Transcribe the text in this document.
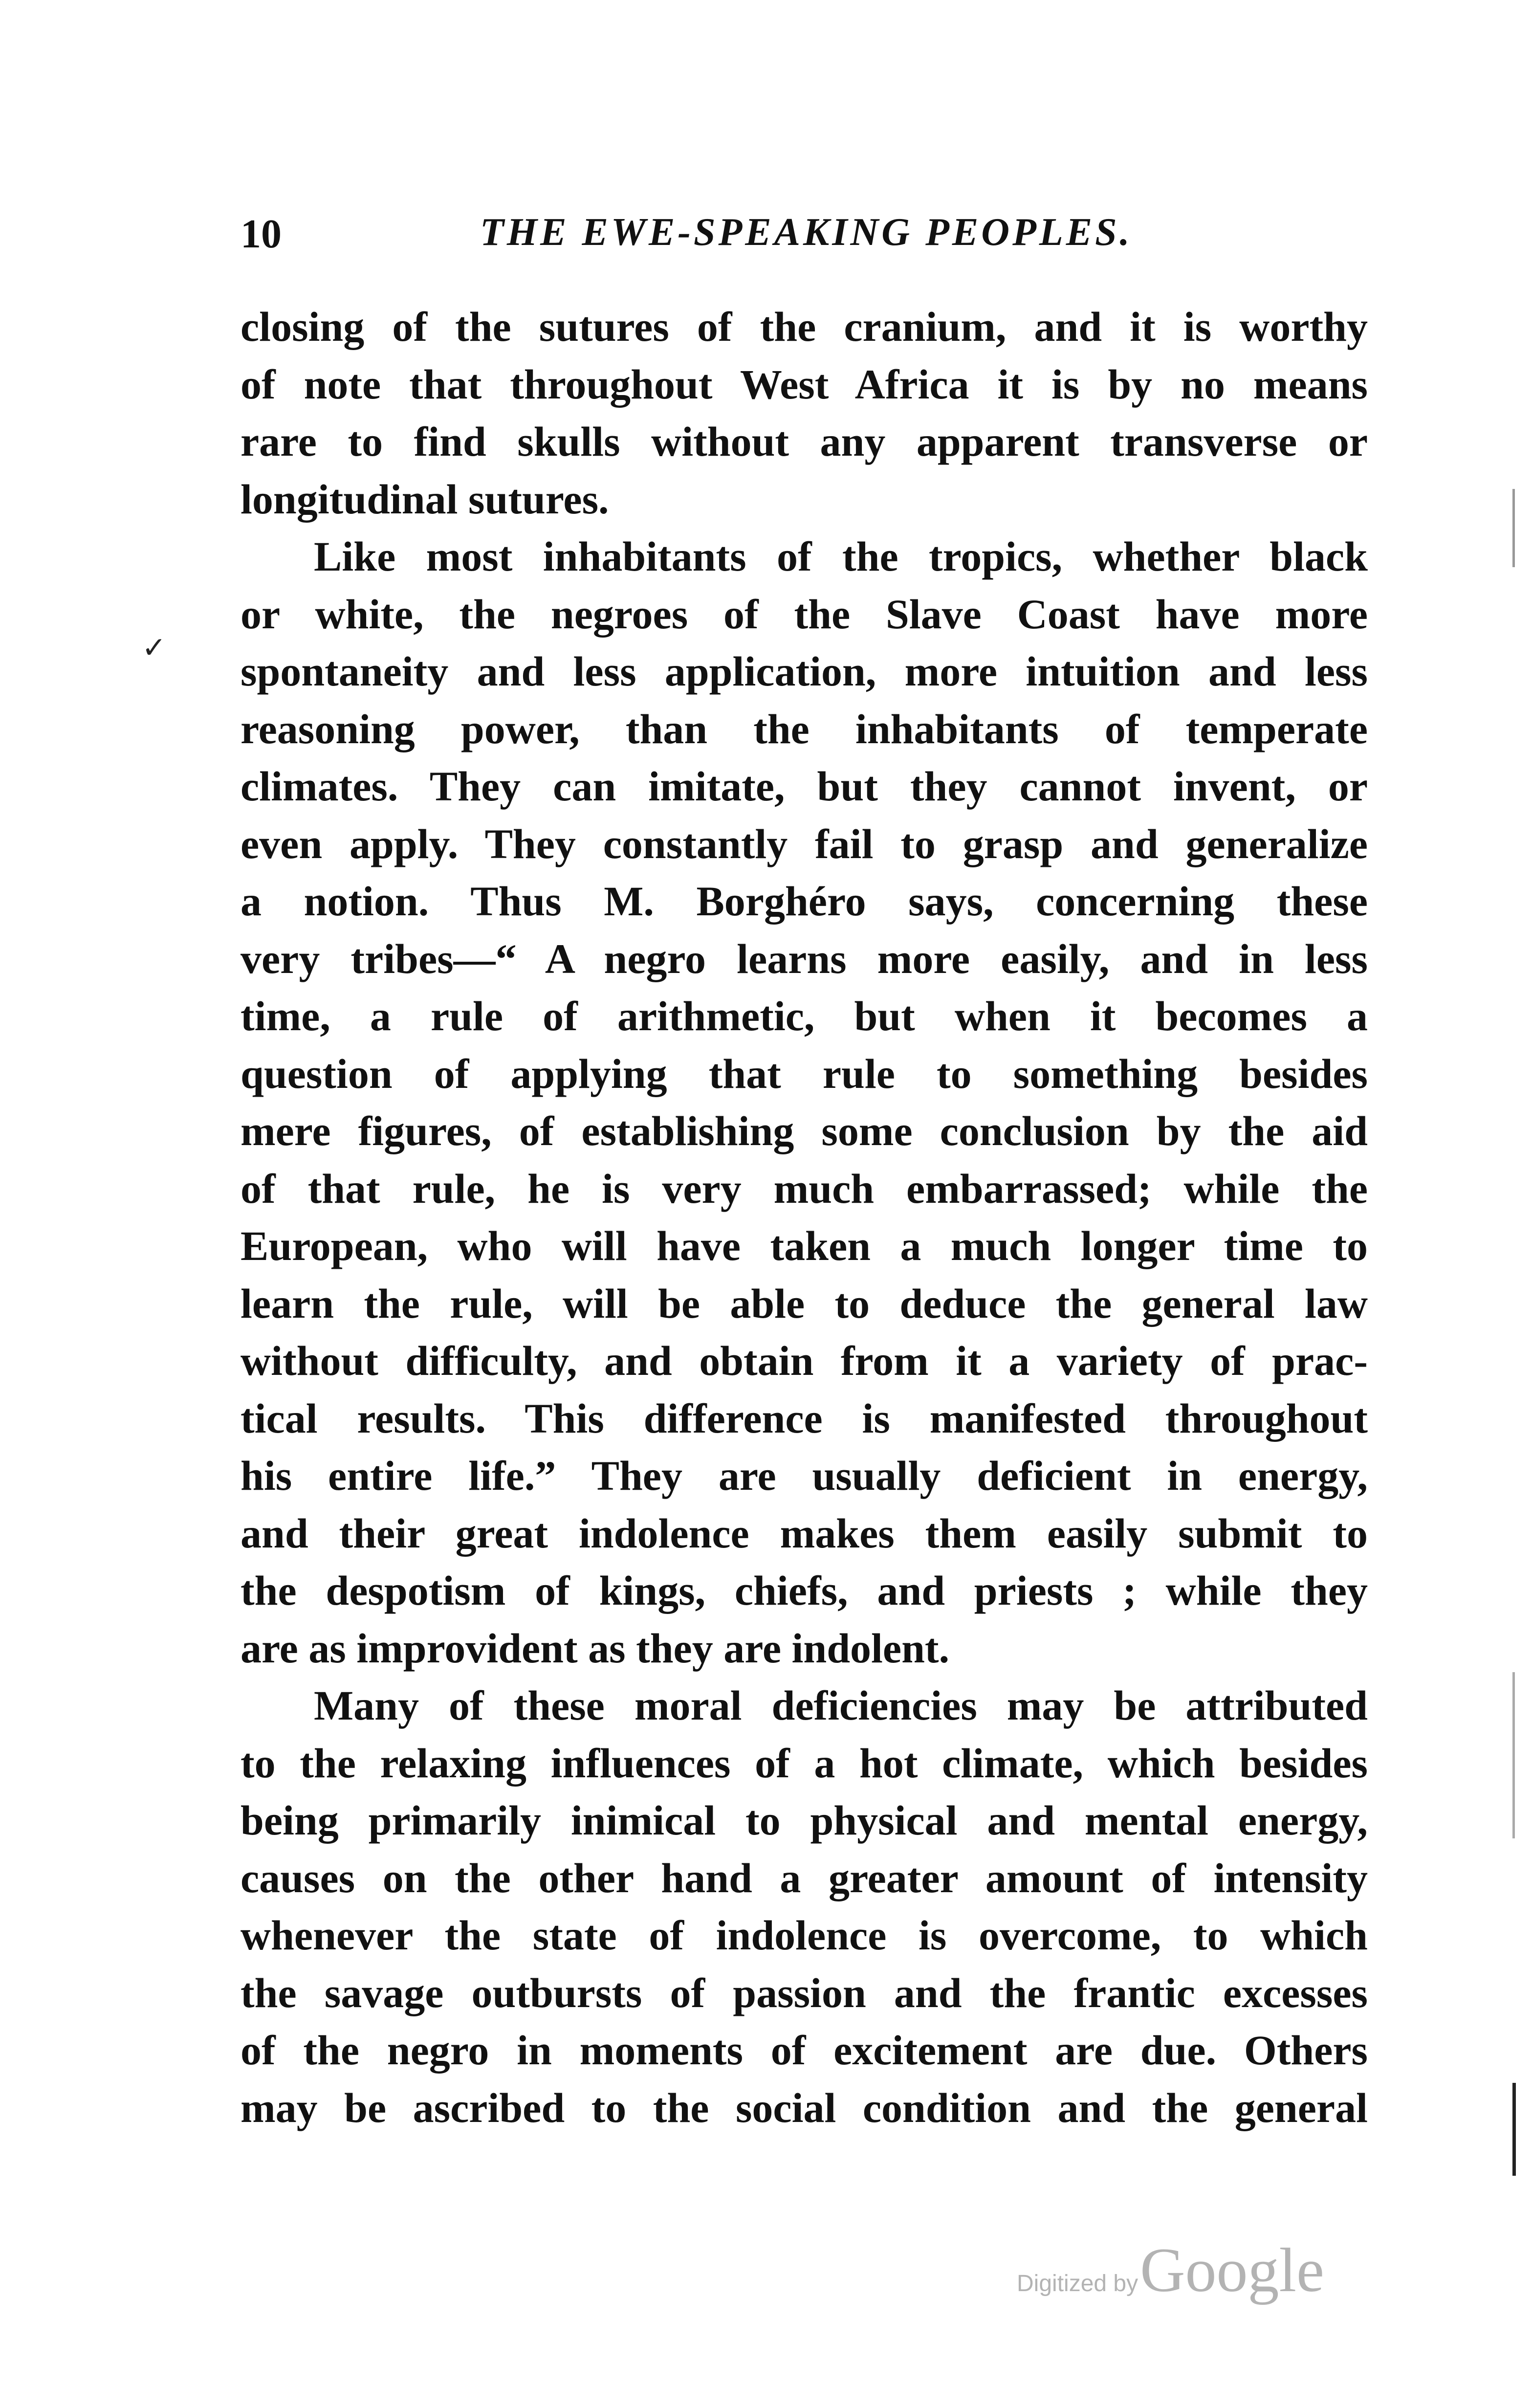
10	THE EWE-SPEAKING PEOPLES.
closing of the sutures of the cranium, and it is worthy
of note that throughout West Africa it is by no means
rare to find skulls without any apparent transverse or
longitudinal sutures.
Like most inhabitants of the tropics, whether black
or white, the negroes of the Slave Coast have more
spontaneity and less application, more intuition and less
reasoning power, than the inhabitants of temperate
climates. They can imitate, but they cannot invent, or
even apply. They constantly fail to grasp and generalize
a notion. Thus M. Borghéro says, concerning these
very tribes—“ A negro learns more easily, and in less
time, a rule of arithmetic, but when it becomes a
question of applying that rule to something besides
mere figures, of establishing some conclusion by the aid
of that rule, he is very much embarrassed; while the
European, who will have taken a much longer time to
learn the rule, will be able to deduce the general law
without difficulty, and obtain from it a variety of prac-
tical results. This difference is manifested throughout
his entire life.” They are usually deficient in energy,
and their great indolence makes them easily submit to
the despotism of kings, chiefs, and priests ; while they
are as improvident as they are indolent.
Many of these moral deficiencies may be attributed
to the relaxing influences of a hot climate, which besides
being primarily inimical to physical and mental energy,
causes on the other hand a greater amount of intensity
whenever the state of indolence is overcome, to which
the savage outbursts of passion and the frantic excesses
of the negro in moments of excitement are due. Others
may be ascribed to the social condition and the general
✓
Digitized by Google
